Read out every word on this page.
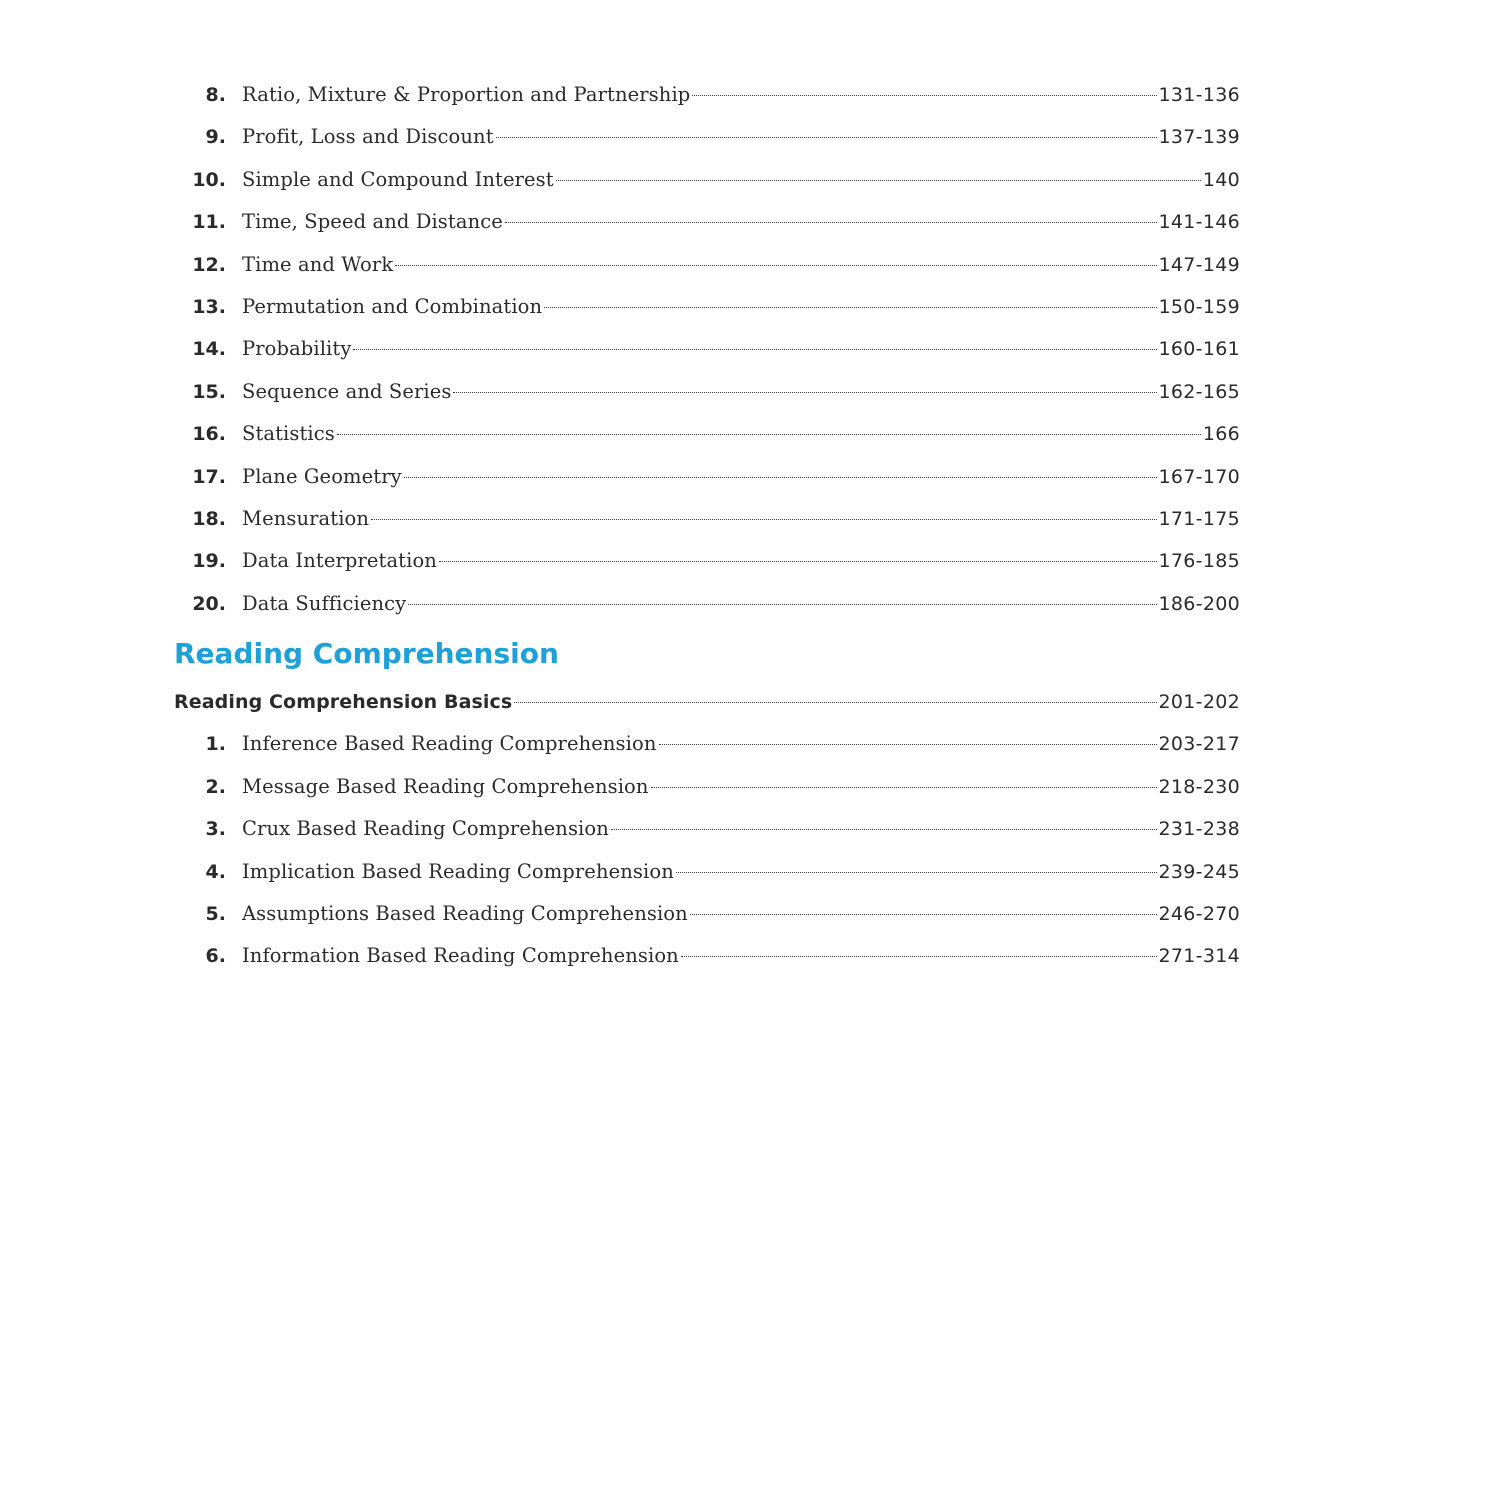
8. Ratio, Mixture & Proportion and Partnership	131-136
9. Profit, Loss and Discount	137-139
10. Simple and Compound Interest	140
11. Time, Speed and Distance	141-146
12. Time and Work	147-149
13. Permutation and Combination	150-159
14. Probability	160-161
15. Sequence and Series	162-165
16. Statistics	166
17. Plane Geometry	167-170
18. Mensuration	171-175
19. Data Interpretation	176-185
20. Data Sufficiency	186-200
Reading Comprehension
Reading Comprehension Basics	201-202
1. Inference Based Reading Comprehension	203-217
2. Message Based Reading Comprehension	218-230
3. Crux Based Reading Comprehension	231-238
4. Implication Based Reading Comprehension	239-245
5. Assumptions Based Reading Comprehension	246-270
6. Information Based Reading Comprehension	271-314
